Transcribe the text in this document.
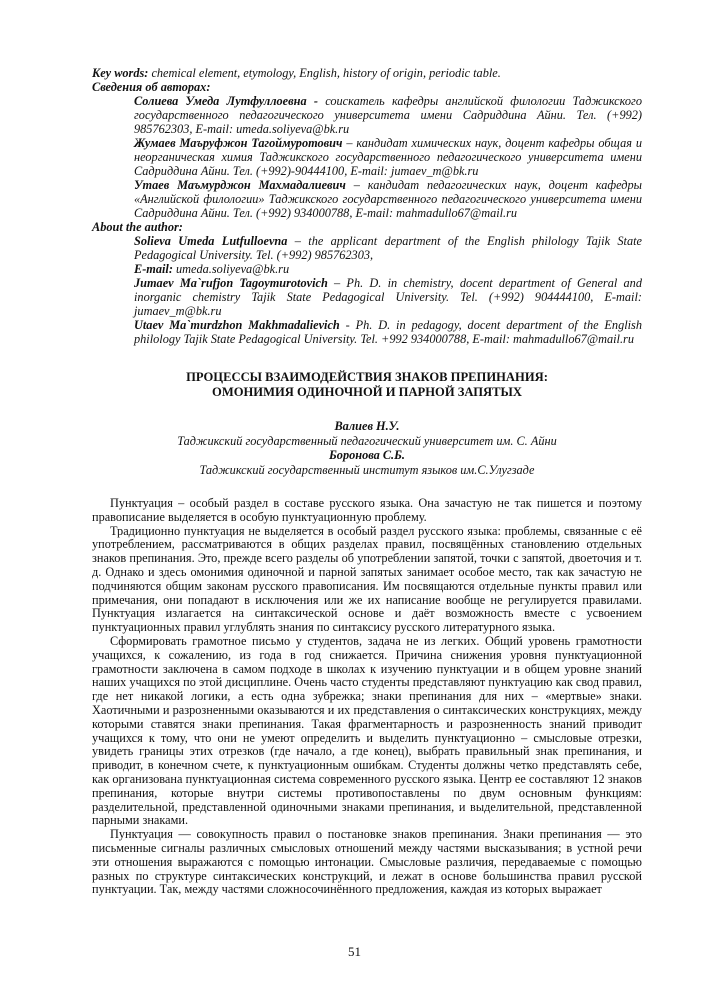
Key words: chemical element, etymology, English, history of origin, periodic table.

Сведения об авторах:

Солиева Умеда Лутфуллоевна - соискатель кафедры английской филологии Таджикского государственного педагогического университета имени Садриддина Айни. Тел. (+992) 985762303, E-mail: umeda.soliyeva@bk.ru

Жумаев Маъруфжон Тагоймуротович – кандидат химических наук, доцент кафедры общая и неорганическая химия Таджикского государственного педагогического университета имени Садриддина Айни. Тел. (+992)-90444100, E-mail: jumaev_m@bk.ru

Утаев Маъмурджон Махмадалиевич – кандидат педагогических наук, доцент кафедры «Английской филологии» Таджикского государственного педагогического университета имени Садриддина Айни. Тел. (+992) 934000788, E-mail: mahmadullo67@mail.ru

About the author:

Solieva Umeda Lutfulloevna – the applicant department of the English philology Tajik State Pedagogical University. Tel. (+992) 985762303,
E-mail: umeda.soliyeva@bk.ru

Jumaev Ma`rufjon Tagoymurotovich – Ph. D. in chemistry, docent department of General and inorganic chemistry Tajik State Pedagogical University. Tel. (+992) 904444100, E-mail: jumaev_m@bk.ru

Utaev Ma`murdzhon Makhmadalievich - Ph. D. in pedagogy, docent department of the English philology Tajik State Pedagogical University. Tel. +992 934000788, E-mail: mahmadullo67@mail.ru

ПРОЦЕССЫ ВЗАИМОДЕЙСТВИЯ ЗНАКОВ ПРЕПИНАНИЯ:
ОМОНИМИЯ ОДИНОЧНОЙ И ПАРНОЙ ЗАПЯТЫХ

Валиев Н.У.

Таджикский государственный педагогический университет им. С. Айни

Боронова С.Б.

Таджикский государственный институт языков им.С.Улугзаде

Пунктуация – особый раздел в составе русского языка. Она зачастую не так пишется и поэтому правописание выделяется в особую пунктуационную проблему.

Традиционно пунктуация не выделяется в особый раздел русского языка: проблемы, связанные с её употреблением, рассматриваются в общих разделах правил, посвящённых становлению отдельных знаков препинания. Это, прежде всего разделы об употреблении запятой, точки с запятой, двоеточия и т. д. Однако и здесь омонимия одиночной и парной запятых занимает особое место, так как зачастую не подчиняются общим законам русского правописания. Им посвящаются отдельные пункты правил или примечания, они попадают в исключения или же их написание вообще не регулируется правилами. Пунктуация излагается на синтаксической основе и даёт возможность вместе с усвоением пунктуационных правил углублять знания по синтаксису русского литературного языка.

Сформировать грамотное письмо у студентов, задача не из легких. Общий уровень грамотности учащихся, к сожалению, из года в год снижается. Причина снижения уровня пунктуационной грамотности заключена в самом подходе в школах к изучению пунктуации и в общем уровне знаний наших учащихся по этой дисциплине. Очень часто студенты представляют пунктуацию как свод правил, где нет никакой логики, а есть одна зубрежка; знаки препинания для них – «мертвые» знаки. Хаотичными и разрозненными оказываются и их представления о синтаксических конструкциях, между которыми ставятся знаки препинания. Такая фрагментарность и разрозненность знаний приводит учащихся к тому, что они не умеют определить и выделить пунктуационно – смысловые отрезки, увидеть границы этих отрезков (где начало, а где конец), выбрать правильный знак препинания, и приводит, в конечном счете, к пунктуационным ошибкам. Студенты должны четко представлять себе, как организована пунктуационная система современного русского языка. Центр ее составляют 12 знаков препинания, которые внутри системы противопоставлены по двум основным функциям: разделительной, представленной одиночными знаками препинания, и выделительной, представленной парными знаками.

Пунктуация — совокупность правил о постановке знаков препинания. Знаки препинания — это письменные сигналы различных смысловых отношений между частями высказывания; в устной речи эти отношения выражаются с помощью интонации. Смысловые различия, передаваемые с помощью разных по структуре синтаксических конструкций, и лежат в основе большинства правил русской пунктуации. Так, между частями сложносочинённого предложения, каждая из которых выражает

51
